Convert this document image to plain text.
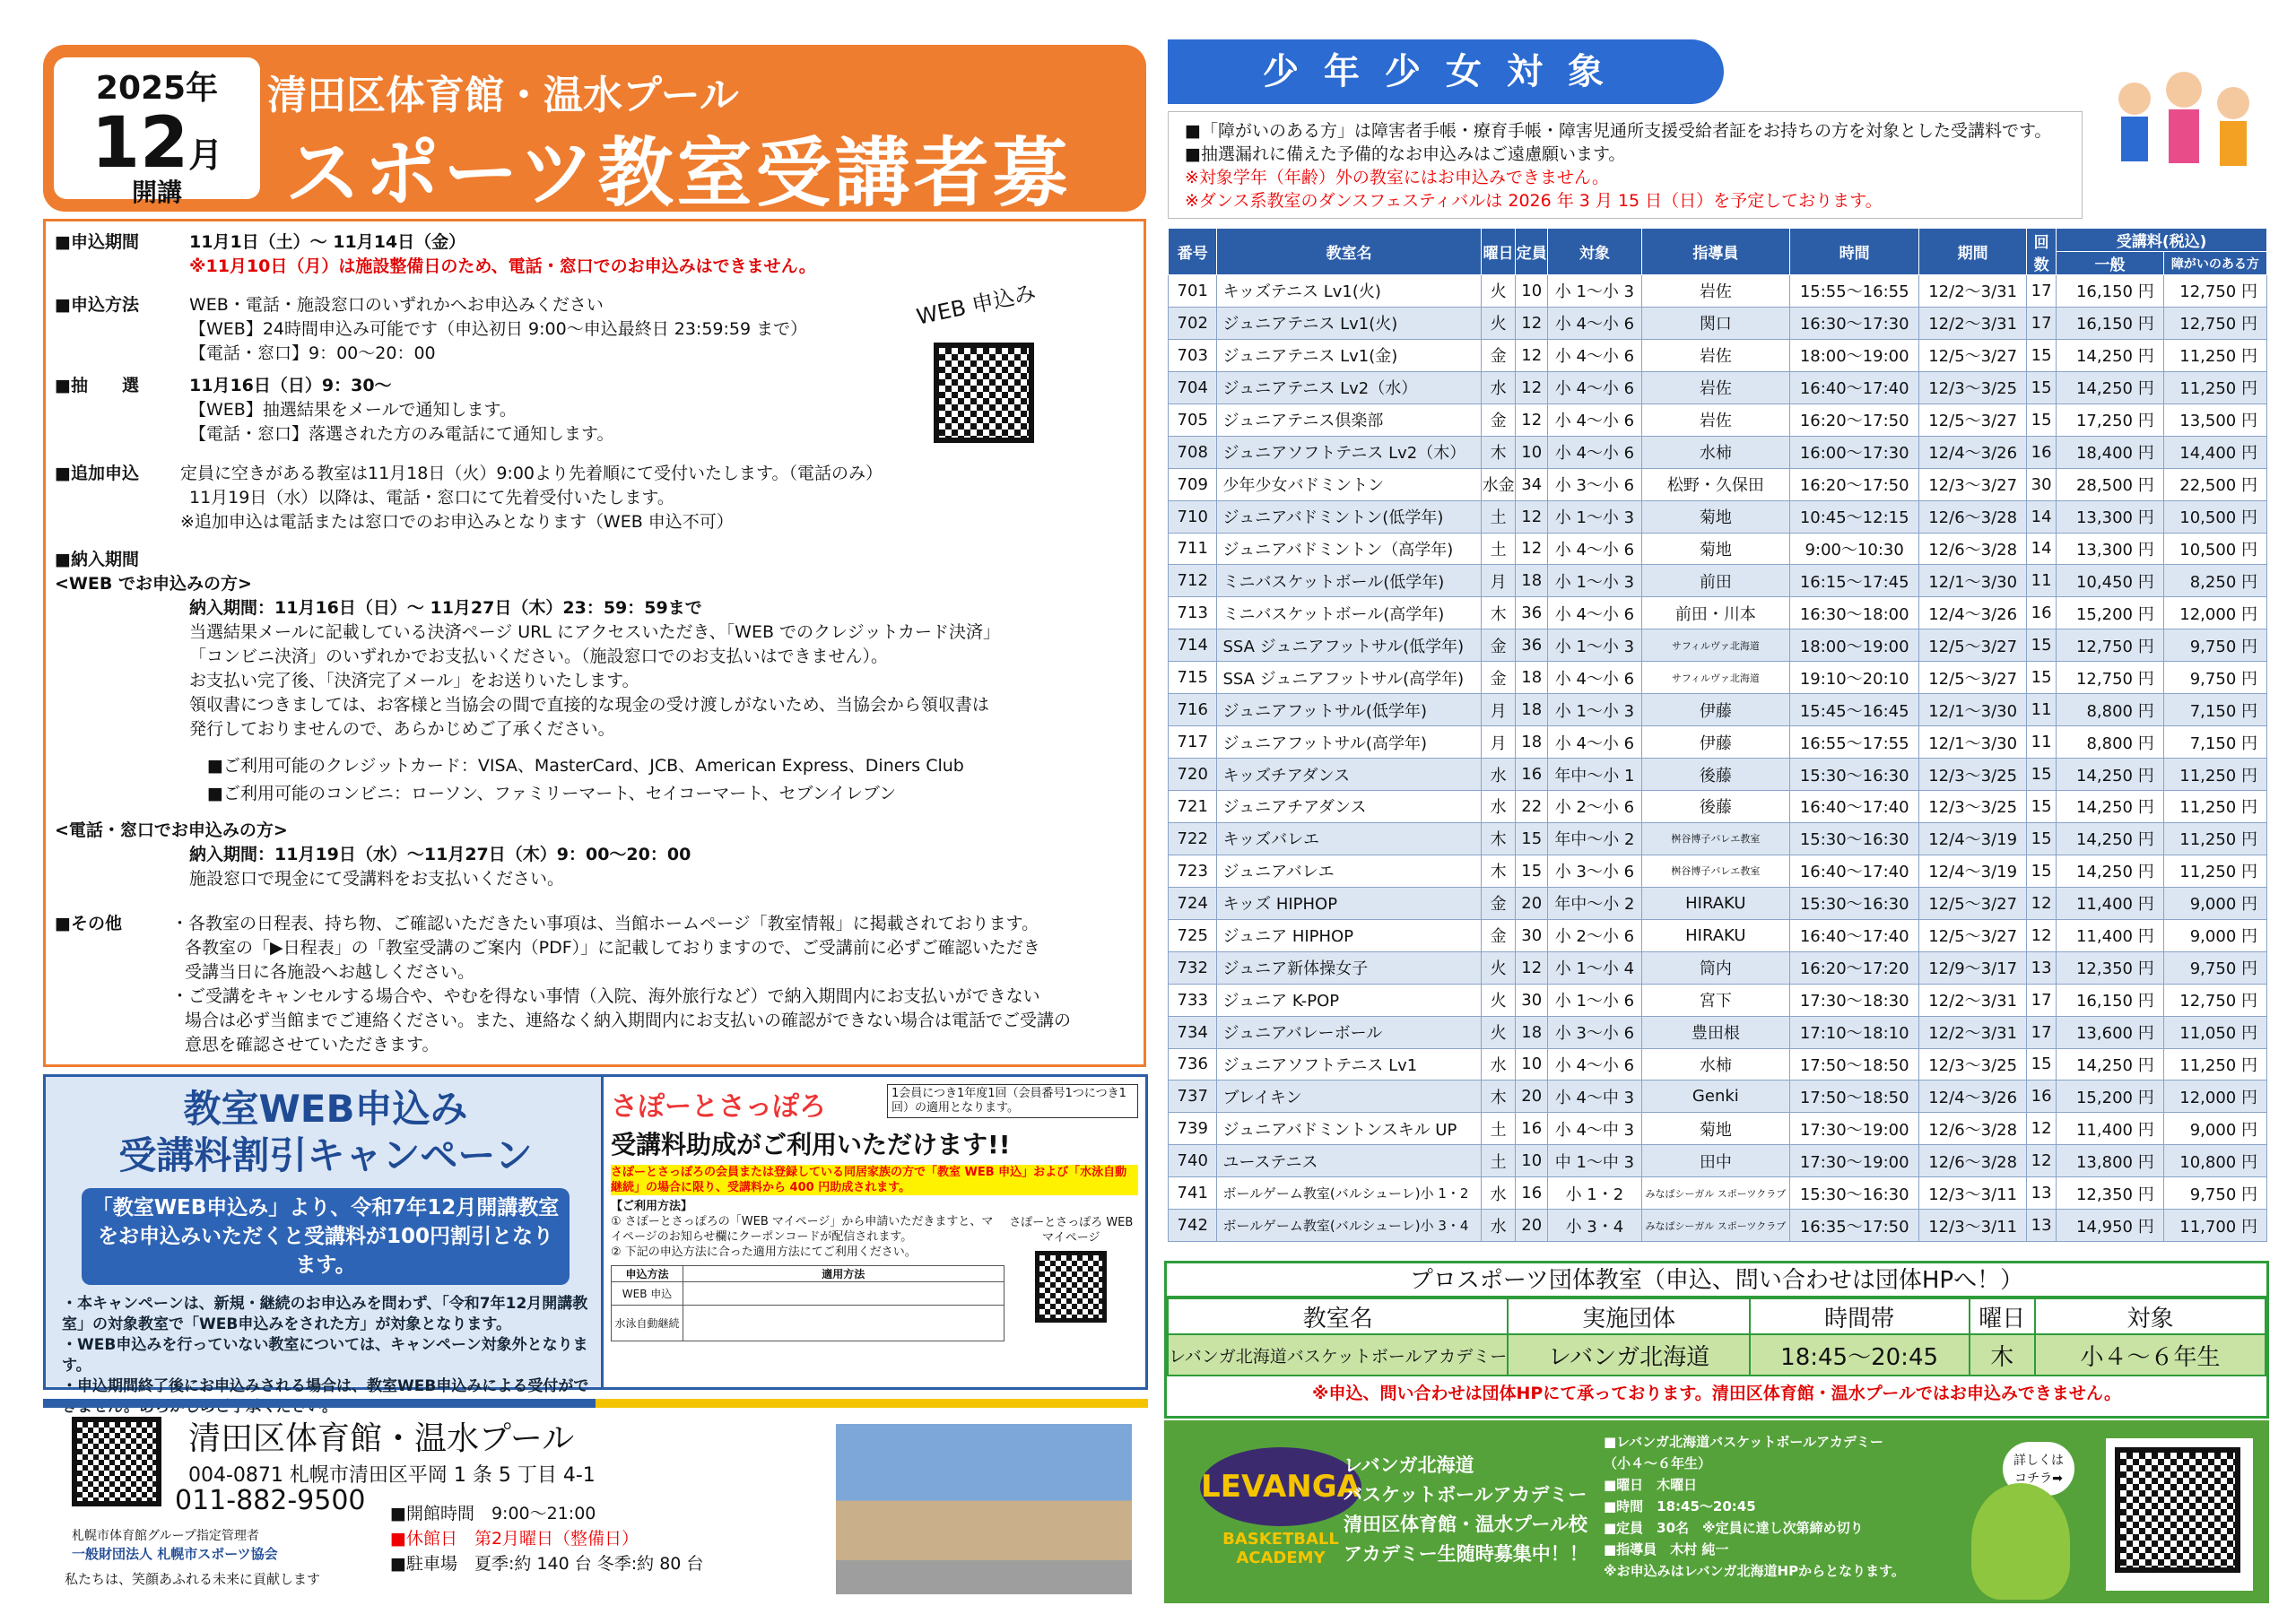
2025年
12月
開講
清田区体育館・温水プール
スポーツ教室受講者募集
■申込期間	11月1日（土）～ 11月14日（金）
※11月10日（月）は施設整備日のため、電話・窓口でのお申込みはできません。
■申込方法	WEB・電話・施設窓口のいずれかへお申込みください
【WEB】24時間申込み可能です（申込初日 9:00～申込最終日 23:59:59 まで）
【電話・窓口】9：00～20：00
WEB 申込み
■抽　　選	11月16日（日）9：30～
【WEB】抽選結果をメールで通知します。
【電話・窓口】落選された方のみ電話にて通知します。
■追加申込 定員に空きがある教室は11月18日（火）9:00より先着順にて受付いたします。（電話のみ）
11月19日（水）以降は、電話・窓口にて先着受付いたします。
※追加申込は電話または窓口でのお申込みとなります（WEB 申込不可）
■納入期間
<WEB でお申込みの方>
納入期間：11月16日（日）～ 11月27日（木）23：59：59まで
当選結果メールに記載している決済ページ URL にアクセスいただき、「WEB でのクレジットカード決済」
「コンビニ決済」のいずれかでお支払いください。（施設窓口でのお支払いはできません）。
お支払い完了後、「決済完了メール」をお送りいたします。
領収書につきましては、お客様と当協会の間で直接的な現金の受け渡しがないため、当協会から領収書は
発行しておりませんので、あらかじめご了承ください。
■ご利用可能のクレジットカード：VISA、MasterCard、JCB、American Express、Diners Club
■ご利用可能のコンビニ：ローソン、ファミリーマート、セイコーマート、セブンイレブン
<電話・窓口でお申込みの方>
納入期間：11月19日（水）～11月27日（木）9：00～20：00
施設窓口で現金にて受講料をお支払いください。
■その他	・各教室の日程表、持ち物、ご確認いただきたい事項は、当館ホームページ「教室情報」に掲載されております。
各教室の「▶日程表」の「教室受講のご案内（PDF）」に記載しておりますので、ご受講前に必ずご確認いただき
受講当日に各施設へお越しください。
・ご受講をキャンセルする場合や、やむを得ない事情（入院、海外旅行など）で納入期間内にお支払いができない
場合は必ず当館までご連絡ください。また、連絡なく納入期間内にお支払いの確認ができない場合は電話でご受講の
意思を確認させていただきます。
教室WEB申込み
受講料割引キャンペーン
「教室WEB申込み」より、令和7年12月開講教室をお申込みいただくと受講料が100円割引となります。
・本キャンペーンは、新規・継続のお申込みを問わず、「令和7年12月開講教室」の対象教室で「WEB申込みをされた方」が対象となります。
・WEB申込みを行っていない教室については、キャンペーン対象外となります。
・申込期間終了後にお申込みされる場合は、教室WEB申込みによる受付がで
さぽーとさっぽろ	1会員につき1年度1回（会員番号1つにつき1回）の適用となります。
受講料助成がご利用いただけます!!
さぽーとさっぽろの会員または登録している同居家族の方で「教室 WEB 申込」および「水泳自動継続」の場合に限り、受講料から 400 円助成されます。
【ご利用方法】
① さぽーとさっぽろの「WEB マイページ」から申請いただきますと、マイページのお知らせ欄にクーポンコードが配信されます。
② 下記の申込方法に合った適用方法にてご利用ください。
申込方法	適用方法
WEB 申込	
水泳自動継続	
さぽーとさっぽろ WEB マイページ
清田区体育館・温水プール
004-0871 札幌市清田区平岡 1 条 5 丁目 4-1
011-882-9500
札幌市体育館グループ指定管理者
一般財団法人 札幌市スポーツ協会
私たちは、笑顔あふれる未来に貢献します
■開館時間　 9:00～21:00
■休館日　 第2月曜日（整備日）
■駐車場　 夏季:約 140 台 冬季:約 80 台
少年少女対象
■「障がいのある方」は障害者手帳・療育手帳・障害児通所支援受給者証をお持ちの方を対象とした受講料です。
■抽選漏れに備えた予備的なお申込みはご遠慮願います。
※対象学年（年齢）外の教室にはお申込みできません。
※ダンス系教室のダンスフェスティバルは 2026 年 3 月 15 日（日）を予定しております。
番号	教室名	曜日	定員	対象	指導員	時間	期間	回数	受講料(税込)	
									一般	障がいのある方
701	キッズテニス Lv1(火)	火	10	小 1～小 3	岩佐	15:55～16:55	12/2～3/31	17	16,150 円	12,750 円
702	ジュニアテニス Lv1(火)	火	12	小 4～小 6	関口	16:30～17:30	12/2～3/31	17	16,150 円	12,750 円
703	ジュニアテニス Lv1(金)	金	12	小 4～小 6	岩佐	18:00～19:00	12/5～3/27	15	14,250 円	11,250 円
704	ジュニアテニス Lv2（水）	水	12	小 4～小 6	岩佐	16:40～17:40	12/3～3/25	15	14,250 円	11,250 円
705	ジュニアテニス倶楽部	金	12	小 4～小 6	岩佐	16:20～17:50	12/5～3/27	15	17,250 円	13,500 円
708	ジュニアソフトテニス Lv2（木）	木	10	小 4～小 6	水柿	16:00～17:30	12/4～3/26	16	18,400 円	14,400 円
709	少年少女バドミントン	水金	34	小 3～小 6	松野・久保田	16:20～17:50	12/3～3/27	30	28,500 円	22,500 円
710	ジュニアバドミントン(低学年)	土	12	小 1～小 3	菊地	10:45～12:15	12/6～3/28	14	13,300 円	10,500 円
711	ジュニアバドミントン（高学年)	土	12	小 4～小 6	菊地	9:00～10:30	12/6～3/28	14	13,300 円	10,500 円
712	ミニバスケットボール(低学年)	月	18	小 1～小 3	前田	16:15～17:45	12/1～3/30	11	10,450 円	8,250 円
713	ミニバスケットボール(高学年)	木	36	小 4～小 6	前田・川本	16:30～18:00	12/4～3/26	16	15,200 円	12,000 円
714	SSA ジュニアフットサル(低学年)	金	36	小 1～小 3	サフィルヴァ北海道	18:00～19:00	12/5～3/27	15	12,750 円	9,750 円
715	SSA ジュニアフットサル(高学年)	金	18	小 4～小 6	サフィルヴァ北海道	19:10～20:10	12/5～3/27	15	12,750 円	9,750 円
716	ジュニアフットサル(低学年)	月	18	小 1～小 3	伊藤	15:45～16:45	12/1～3/30	11	8,800 円	7,150 円
717	ジュニアフットサル(高学年)	月	18	小 4～小 6	伊藤	16:55～17:55	12/1～3/30	11	8,800 円	7,150 円
720	キッズチアダンス	水	16	年中～小 1	後藤	15:30～16:30	12/3～3/25	15	14,250 円	11,250 円
721	ジュニアチアダンス	水	22	小 2～小 6	後藤	16:40～17:40	12/3～3/25	15	14,250 円	11,250 円
722	キッズバレエ	木	15	年中～小 2	桝谷博子バレエ教室	15:30～16:30	12/4～3/19	15	14,250 円	11,250 円
723	ジュニアバレエ	木	15	小 3～小 6	桝谷博子バレエ教室	16:40～17:40	12/4～3/19	15	14,250 円	11,250 円
724	キッズ HIPHOP	金	20	年中～小 2	HIRAKU	15:30～16:30	12/5～3/27	12	11,400 円	9,000 円
725	ジュニア HIPHOP	金	30	小 2～小 6	HIRAKU	16:40～17:40	12/5～3/27	12	11,400 円	9,000 円
732	ジュニア新体操女子	火	12	小 1～小 4	筒内	16:20～17:20	12/9～3/17	13	12,350 円	9,750 円
733	ジュニア K-POP	火	30	小 1～小 6	宮下	17:30～18:30	12/2～3/31	17	16,150 円	12,750 円
734	ジュニアバレーボール	火	18	小 3～小 6	豊田根	17:10～18:10	12/2～3/31	17	13,600 円	11,050 円
736	ジュニアソフトテニス Lv1	水	10	小 4～小 6	水柿	17:50～18:50	12/3～3/25	15	14,250 円	11,250 円
737	ブレイキン	木	20	小 4～中 3	Genki	17:50～18:50	12/4～3/26	16	15,200 円	12,000 円
739	ジュニアバドミントンスキル UP	土	16	小 4～中 3	菊地	17:30～19:00	12/6～3/28	12	11,400 円	9,000 円
740	ユーステニス	土	10	中 1～中 3	田中	17:30～19:00	12/6～3/28	12	13,800 円	10,800 円
741	ボールゲーム教室(バルシューレ)小 1・2	水	16	小 1・2	みなぱシーガル スポーツクラブ	15:30～16:30	12/3～3/11	13	12,350 円	9,750 円
742	ボールゲーム教室(バルシューレ)小 3・4	水	20	小 3・4	みなぱシーガル スポーツクラブ	16:35～17:50	12/3～3/11	13	14,950 円	11,700 円
プロスポーツ団体教室（申込、問い合わせは団体HPへ！）
教室名	実施団体	時間帯	曜日	対象
レバンガ北海道バスケットボールアカデミー	レバンガ北海道	18:45～20:45	木	小４～６年生
※申込、問い合わせは団体HPにて承っております。清田区体育館・温水プールではお申込みできません。
LEVANGA
BASKETBALL ACADEMY
レバンガ北海道
バスケットボールアカデミー
清田区体育館・温水プール校
アカデミー生随時募集中！！
■レバンガ北海道バスケットボールアカデミー
（小４～６年生）
■曜日　木曜日
■時間　18:45～20:45
■定員　30名　※定員に達し次第締め切り
■指導員　木村 純一
※お申込みはレバンガ北海道HPからとなります。
詳しくは コチラ➡
